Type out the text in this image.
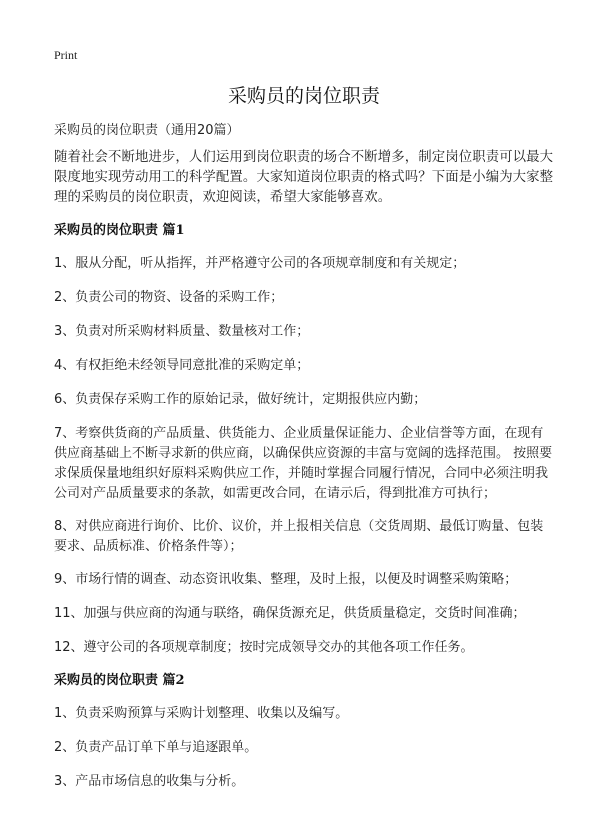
Print
采购员的岗位职责

采购员的岗位职责（通用20篇）

随着社会不断地进步，人们运用到岗位职责的场合不断增多，制定岗位职责可以最大限度地实现劳动用工的科学配置。大家知道岗位职责的格式吗？下面是小编为大家整理的采购员的岗位职责，欢迎阅读，希望大家能够喜欢。

采购员的岗位职责 篇1

1、服从分配，听从指挥，并严格遵守公司的各项规章制度和有关规定；

2、负责公司的物资、设备的采购工作；

3、负责对所采购材料质量、数量核对工作；

4、有权拒绝未经领导同意批准的采购定单；

6、负责保存采购工作的原始记录，做好统计，定期报供应内勤；

7、考察供货商的产品质量、供货能力、企业质量保证能力、企业信誉等方面，在现有供应商基础上不断寻求新的供应商，以确保供应资源的丰富与宽阔的选择范围。 按照要求保质保量地组织好原料采购供应工作，并随时掌握合同履行情况，合同中必须注明我公司对产品质量要求的条款，如需更改合同，在请示后，得到批准方可执行；

8、对供应商进行询价、比价、议价，并上报相关信息（交货周期、最低订购量、包装要求、品质标准、价格条件等）；

9、市场行情的调查、动态资讯收集、整理，及时上报，以便及时调整采购策略；

11、加强与供应商的沟通与联络，确保货源充足，供货质量稳定，交货时间准确；

12、遵守公司的各项规章制度；按时完成领导交办的其他各项工作任务。

采购员的岗位职责 篇2

1、负责采购预算与采购计划整理、收集以及编写。

2、负责产品订单下单与追逐跟单。

3、产品市场信息的收集与分析。
